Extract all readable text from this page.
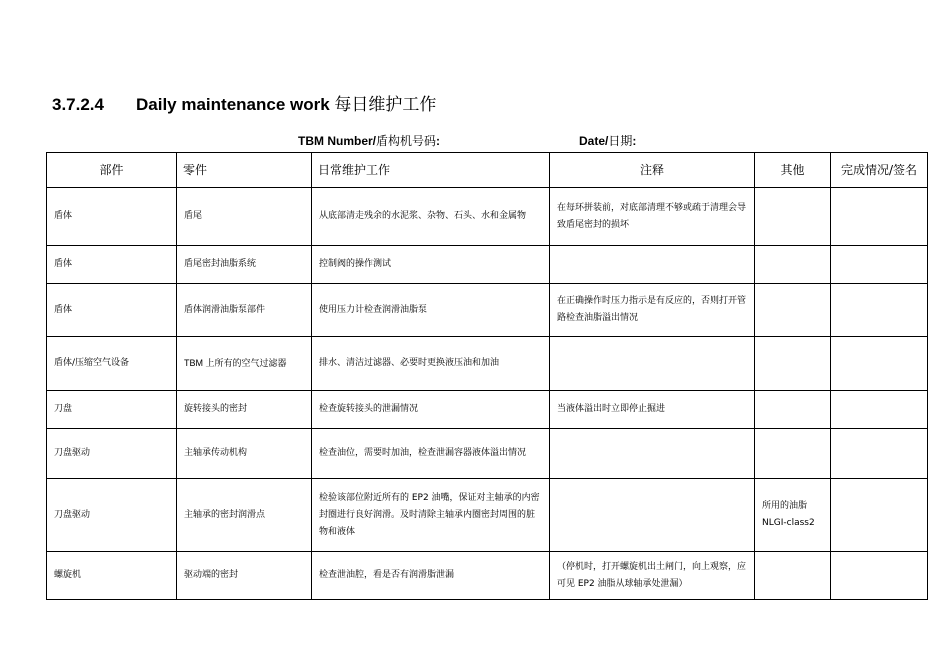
3.7.2.4 Daily maintenance work 每日维护工作
TBM Number/盾构机号码:	Date/日期:
部件	零件	日常维护工作	注释	其他	完成情况/签名
盾体	盾尾	从底部清走残余的水泥浆、杂物、石头、水和金属物	在每环拼装前，对底部清理不够或疏于清理会导致盾尾密封的损坏		
盾体	盾尾密封油脂系统	控制阀的操作测试			
盾体	盾体润滑油脂泵部件	使用压力计检查润滑油脂泵	在正确操作时压力指示是有反应的，否则打开管路检查油脂溢出情况		
盾体/压缩空气设备	TBM 上所有的空气过滤器	排水、清洁过滤器、必要时更换液压油和加油			
刀盘	旋转接头的密封	检查旋转接头的泄漏情况	当液体溢出时立即停止掘进		
刀盘驱动	主轴承传动机构	检查油位，需要时加油，检查泄漏容器液体溢出情况			
刀盘驱动	主轴承的密封润滑点	检验该部位附近所有的 EP2 油嘴，保证对主轴承的内密封圈进行良好润滑。及时清除主轴承内圈密封周围的脏物和液体		所用的油脂 NLGI-class2	
螺旋机	驱动端的密封	检查泄油腔，看是否有润滑脂泄漏	（停机时，打开螺旋机出土闸门，向上观察，应可见 EP2 油脂从球轴承处泄漏）		
